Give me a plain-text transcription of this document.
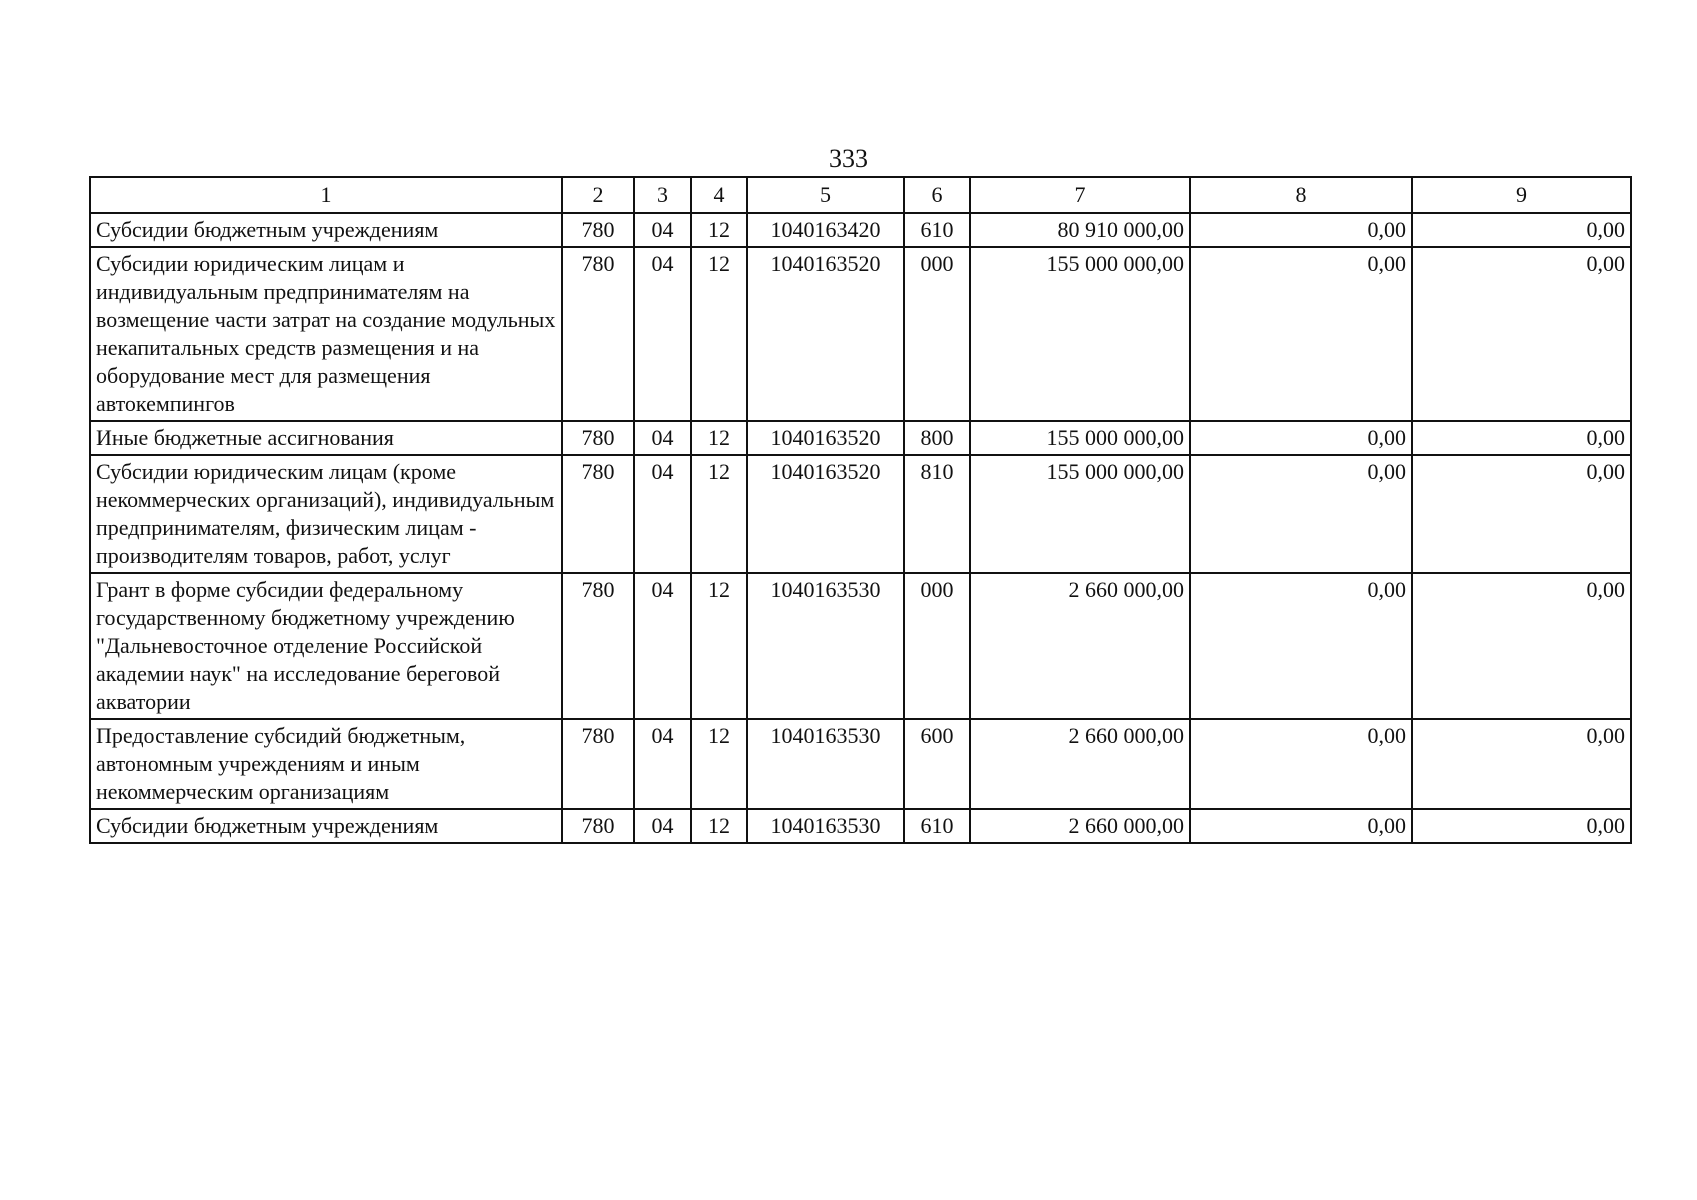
333
1	2	3	4	5	6	7	8	9
Субсидии бюджетным учреждениям	780	04	12	1040163420	610	80 910 000,00	0,00	0,00
Субсидии юридическим лицам и индивидуальным предпринимателям на возмещение части затрат на создание модульных некапитальных средств размещения и на оборудование мест для размещения автокемпингов	780	04	12	1040163520	000	155 000 000,00	0,00	0,00
Иные бюджетные ассигнования	780	04	12	1040163520	800	155 000 000,00	0,00	0,00
Субсидии юридическим лицам (кроме некоммерческих организаций), индивидуальным предпринимателям, физическим лицам - производителям товаров, работ, услуг	780	04	12	1040163520	810	155 000 000,00	0,00	0,00
Грант в форме субсидии федеральному государственному бюджетному учреждению "Дальневосточное отделение Российской академии наук" на исследование береговой акватории	780	04	12	1040163530	000	2 660 000,00	0,00	0,00
Предоставление субсидий бюджетным, автономным учреждениям и иным некоммерческим организациям	780	04	12	1040163530	600	2 660 000,00	0,00	0,00
Субсидии бюджетным учреждениям	780	04	12	1040163530	610	2 660 000,00	0,00	0,00
